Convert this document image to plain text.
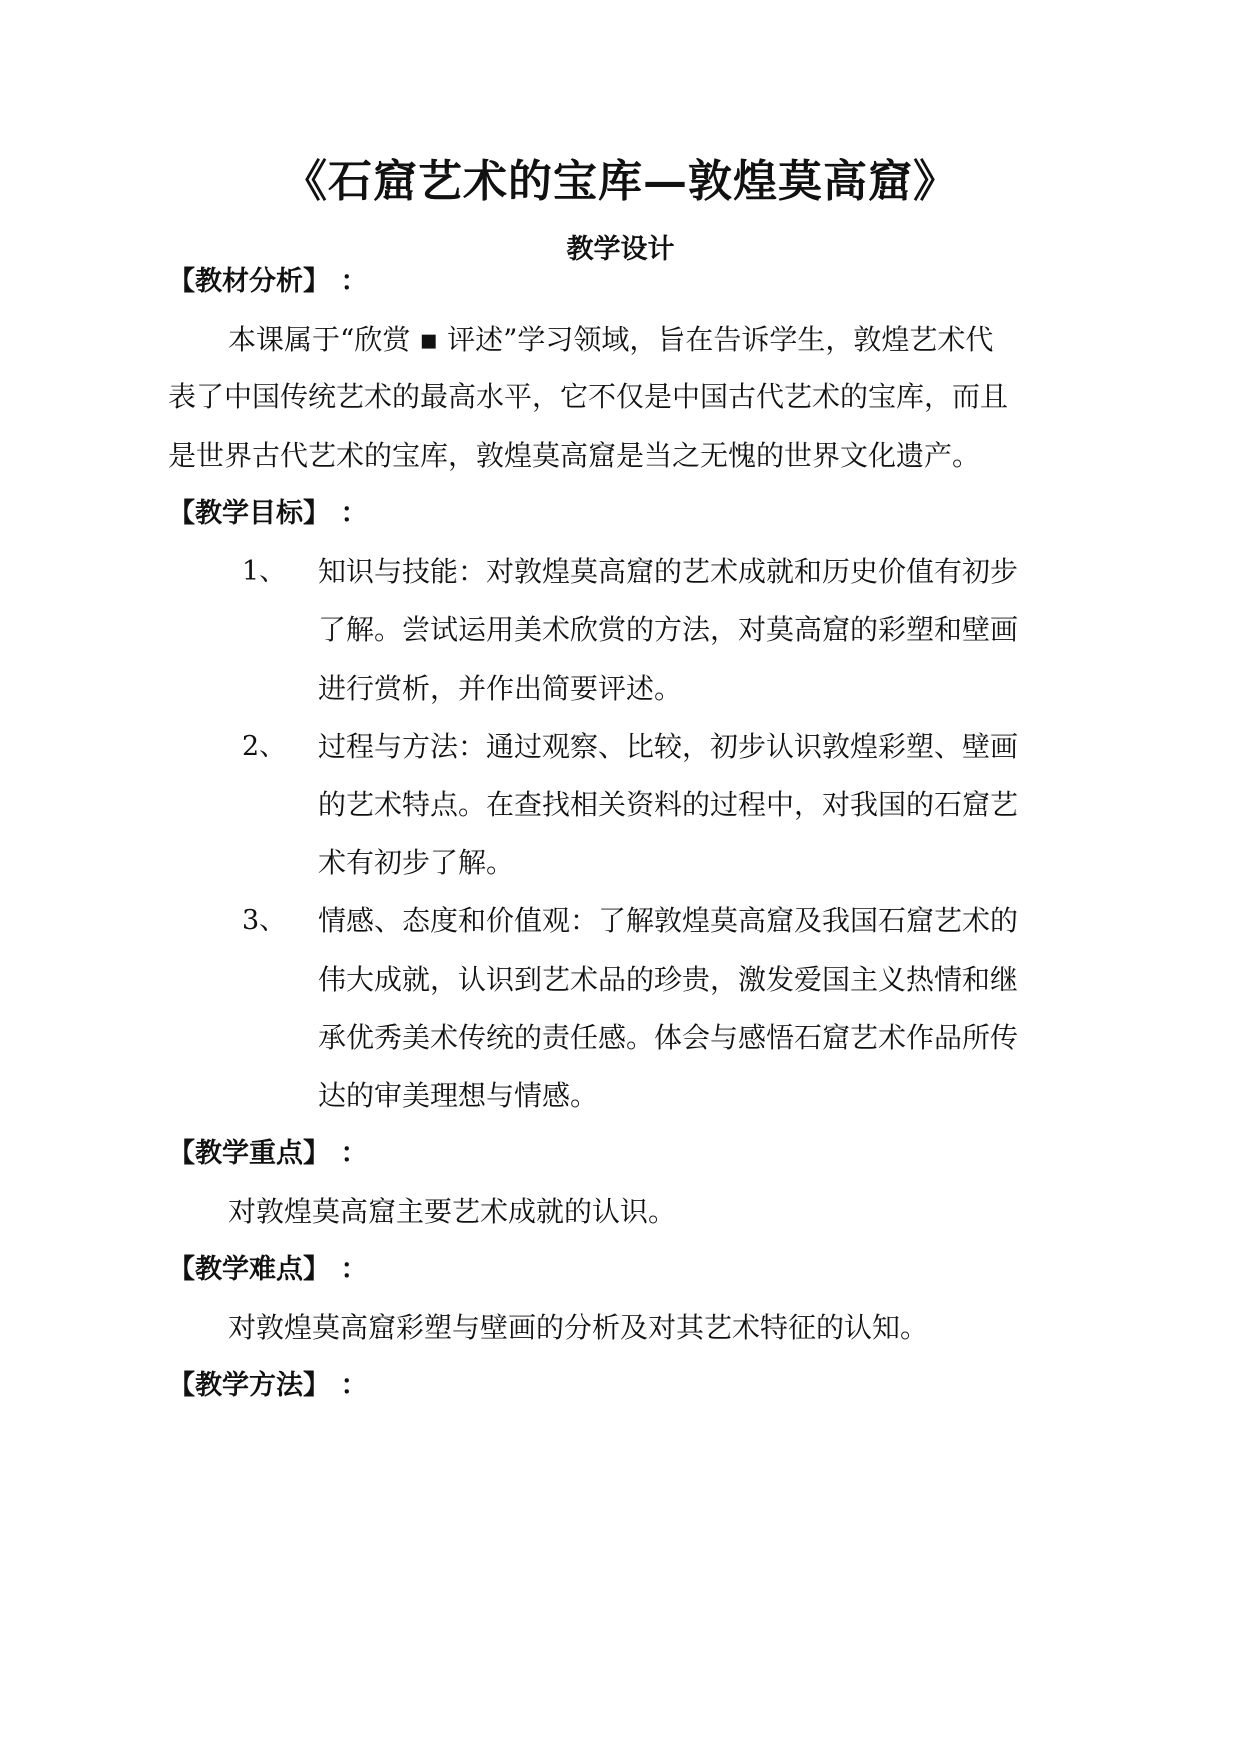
《石窟艺术的宝库—敦煌莫高窟》
教学设计
【教材分析】 ：
本课属于“欣赏 ▪ 评述”学习领域，旨在告诉学生，敦煌艺术代
表了中国传统艺术的最高水平，它不仅是中国古代艺术的宝库，而且
是世界古代艺术的宝库，敦煌莫高窟是当之无愧的世界文化遗产。
【教学目标】 ：
1、 知识与技能：对敦煌莫高窟的艺术成就和历史价值有初步
了解。尝试运用美术欣赏的方法，对莫高窟的彩塑和壁画
进行赏析，并作出简要评述。
2、 过程与方法：通过观察、比较，初步认识敦煌彩塑、壁画
的艺术特点。在查找相关资料的过程中，对我国的石窟艺
术有初步了解。
3、 情感、态度和价值观：了解敦煌莫高窟及我国石窟艺术的
伟大成就，认识到艺术品的珍贵，激发爱国主义热情和继
承优秀美术传统的责任感。体会与感悟石窟艺术作品所传
达的审美理想与情感。
【教学重点】 ：
对敦煌莫高窟主要艺术成就的认识。
【教学难点】 ：
对敦煌莫高窟彩塑与壁画的分析及对其艺术特征的认知。
【教学方法】 ：
